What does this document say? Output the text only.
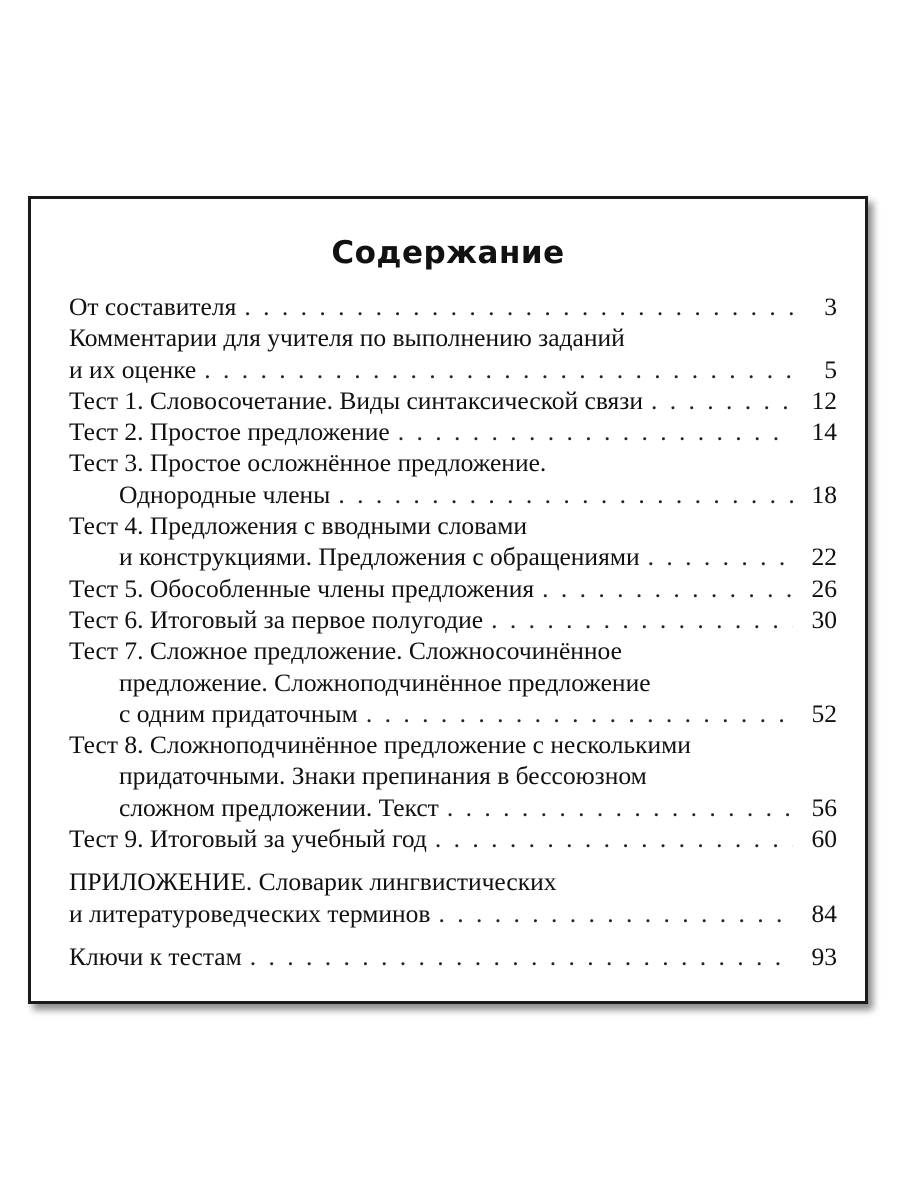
Содержание
От составителя . . .	3
Комментарии для учителя по выполнению заданий
и их оценке . . .	5
Тест 1. Словосочетание. Виды синтаксической связи . . .	12
Тест 2. Простое предложение . . .	14
Тест 3. Простое осложнённое предложение.
Однородные члены . . .	18
Тест 4. Предложения с вводными словами
и конструкциями. Предложения с обращениями . . .	22
Тест 5. Обособленные члены предложения . . .	26
Тест 6. Итоговый за первое полугодие . . .	30
Тест 7. Сложное предложение. Сложносочинённое
предложение. Сложноподчинённое предложение
с одним придаточным . . .	52
Тест 8. Сложноподчинённое предложение с несколькими
придаточными. Знаки препинания в бессоюзном
сложном предложении. Текст . . .	56
Тест 9. Итоговый за учебный год . . .	60
ПРИЛОЖЕНИЕ. Словарик лингвистических
и литературоведческих терминов . . .	84
Ключи к тестам . . .	93
